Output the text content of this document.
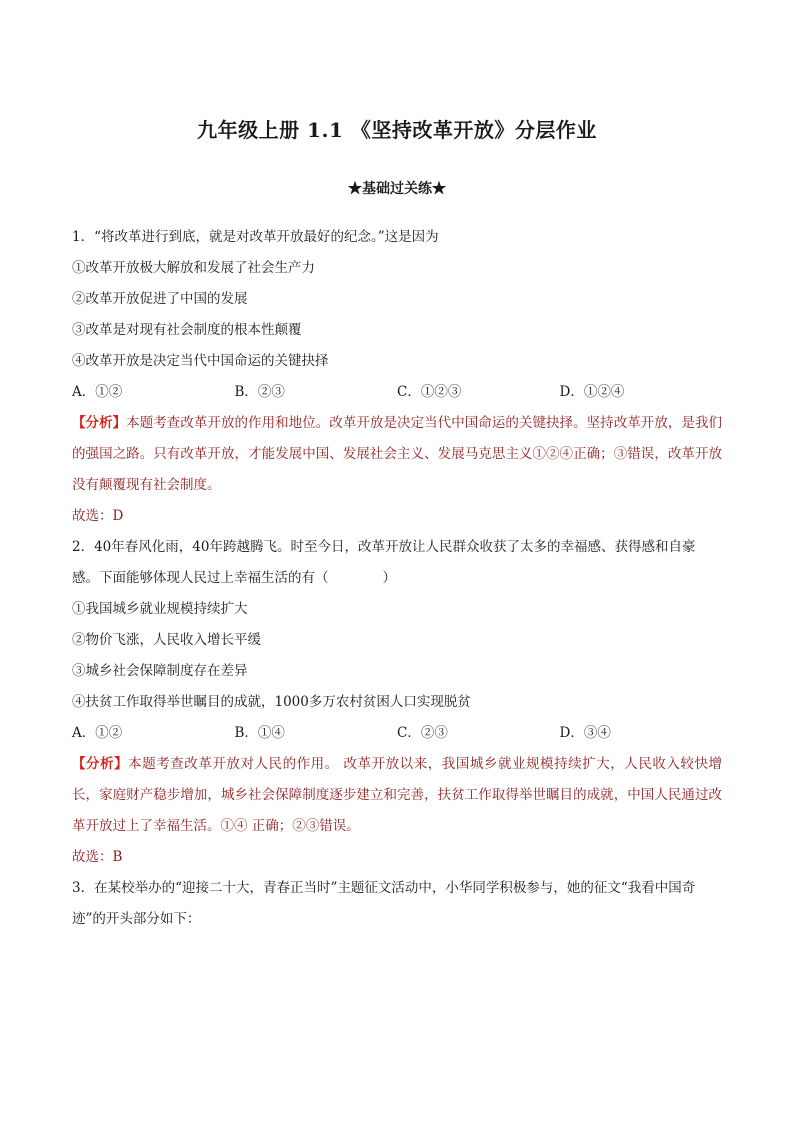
九年级上册 1.1 《坚持改革开放》分层作业
★基础过关练★
1．“将改革进行到底，就是对改革开放最好的纪念。”这是因为
①改革开放极大解放和发展了社会生产力
②改革开放促进了中国的发展
③改革是对现有社会制度的根本性颠覆
④改革开放是决定当代中国命运的关键抉择
A．①②	B．②③	C．①②③	D．①②④
【分析】本题考查改革开放的作用和地位。改革开放是决定当代中国命运的关键抉择。坚持改革开放，是我们的强国之路。只有改革开放，才能发展中国、发展社会主义、发展马克思主义①②④正确；③错误，改革开放没有颠覆现有社会制度。
故选：D
2．40年春风化雨，40年跨越腾飞。时至今日，改革开放让人民群众收获了太多的幸福感、获得感和自豪感。下面能够体现人民过上幸福生活的有（　　　　）
①我国城乡就业规模持续扩大
②物价飞涨，人民收入增长平缓
③城乡社会保障制度存在差异
④扶贫工作取得举世瞩目的成就，1000多万农村贫困人口实现脱贫
A．①②	B．①④	C．②③	D．③④
【分析】本题考查改革开放对人民的作用。 改革开放以来，我国城乡就业规模持续扩大，人民收入较快增长，家庭财产稳步增加，城乡社会保障制度逐步建立和完善，扶贫工作取得举世瞩目的成就，中国人民通过改革开放过上了幸福生活。①④ 正确；②③错误。
故选：B
3．在某校举办的“迎接二十大，青春正当时”主题征文活动中，小华同学积极参与，她的征文“我看中国奇迹”的开头部分如下：
